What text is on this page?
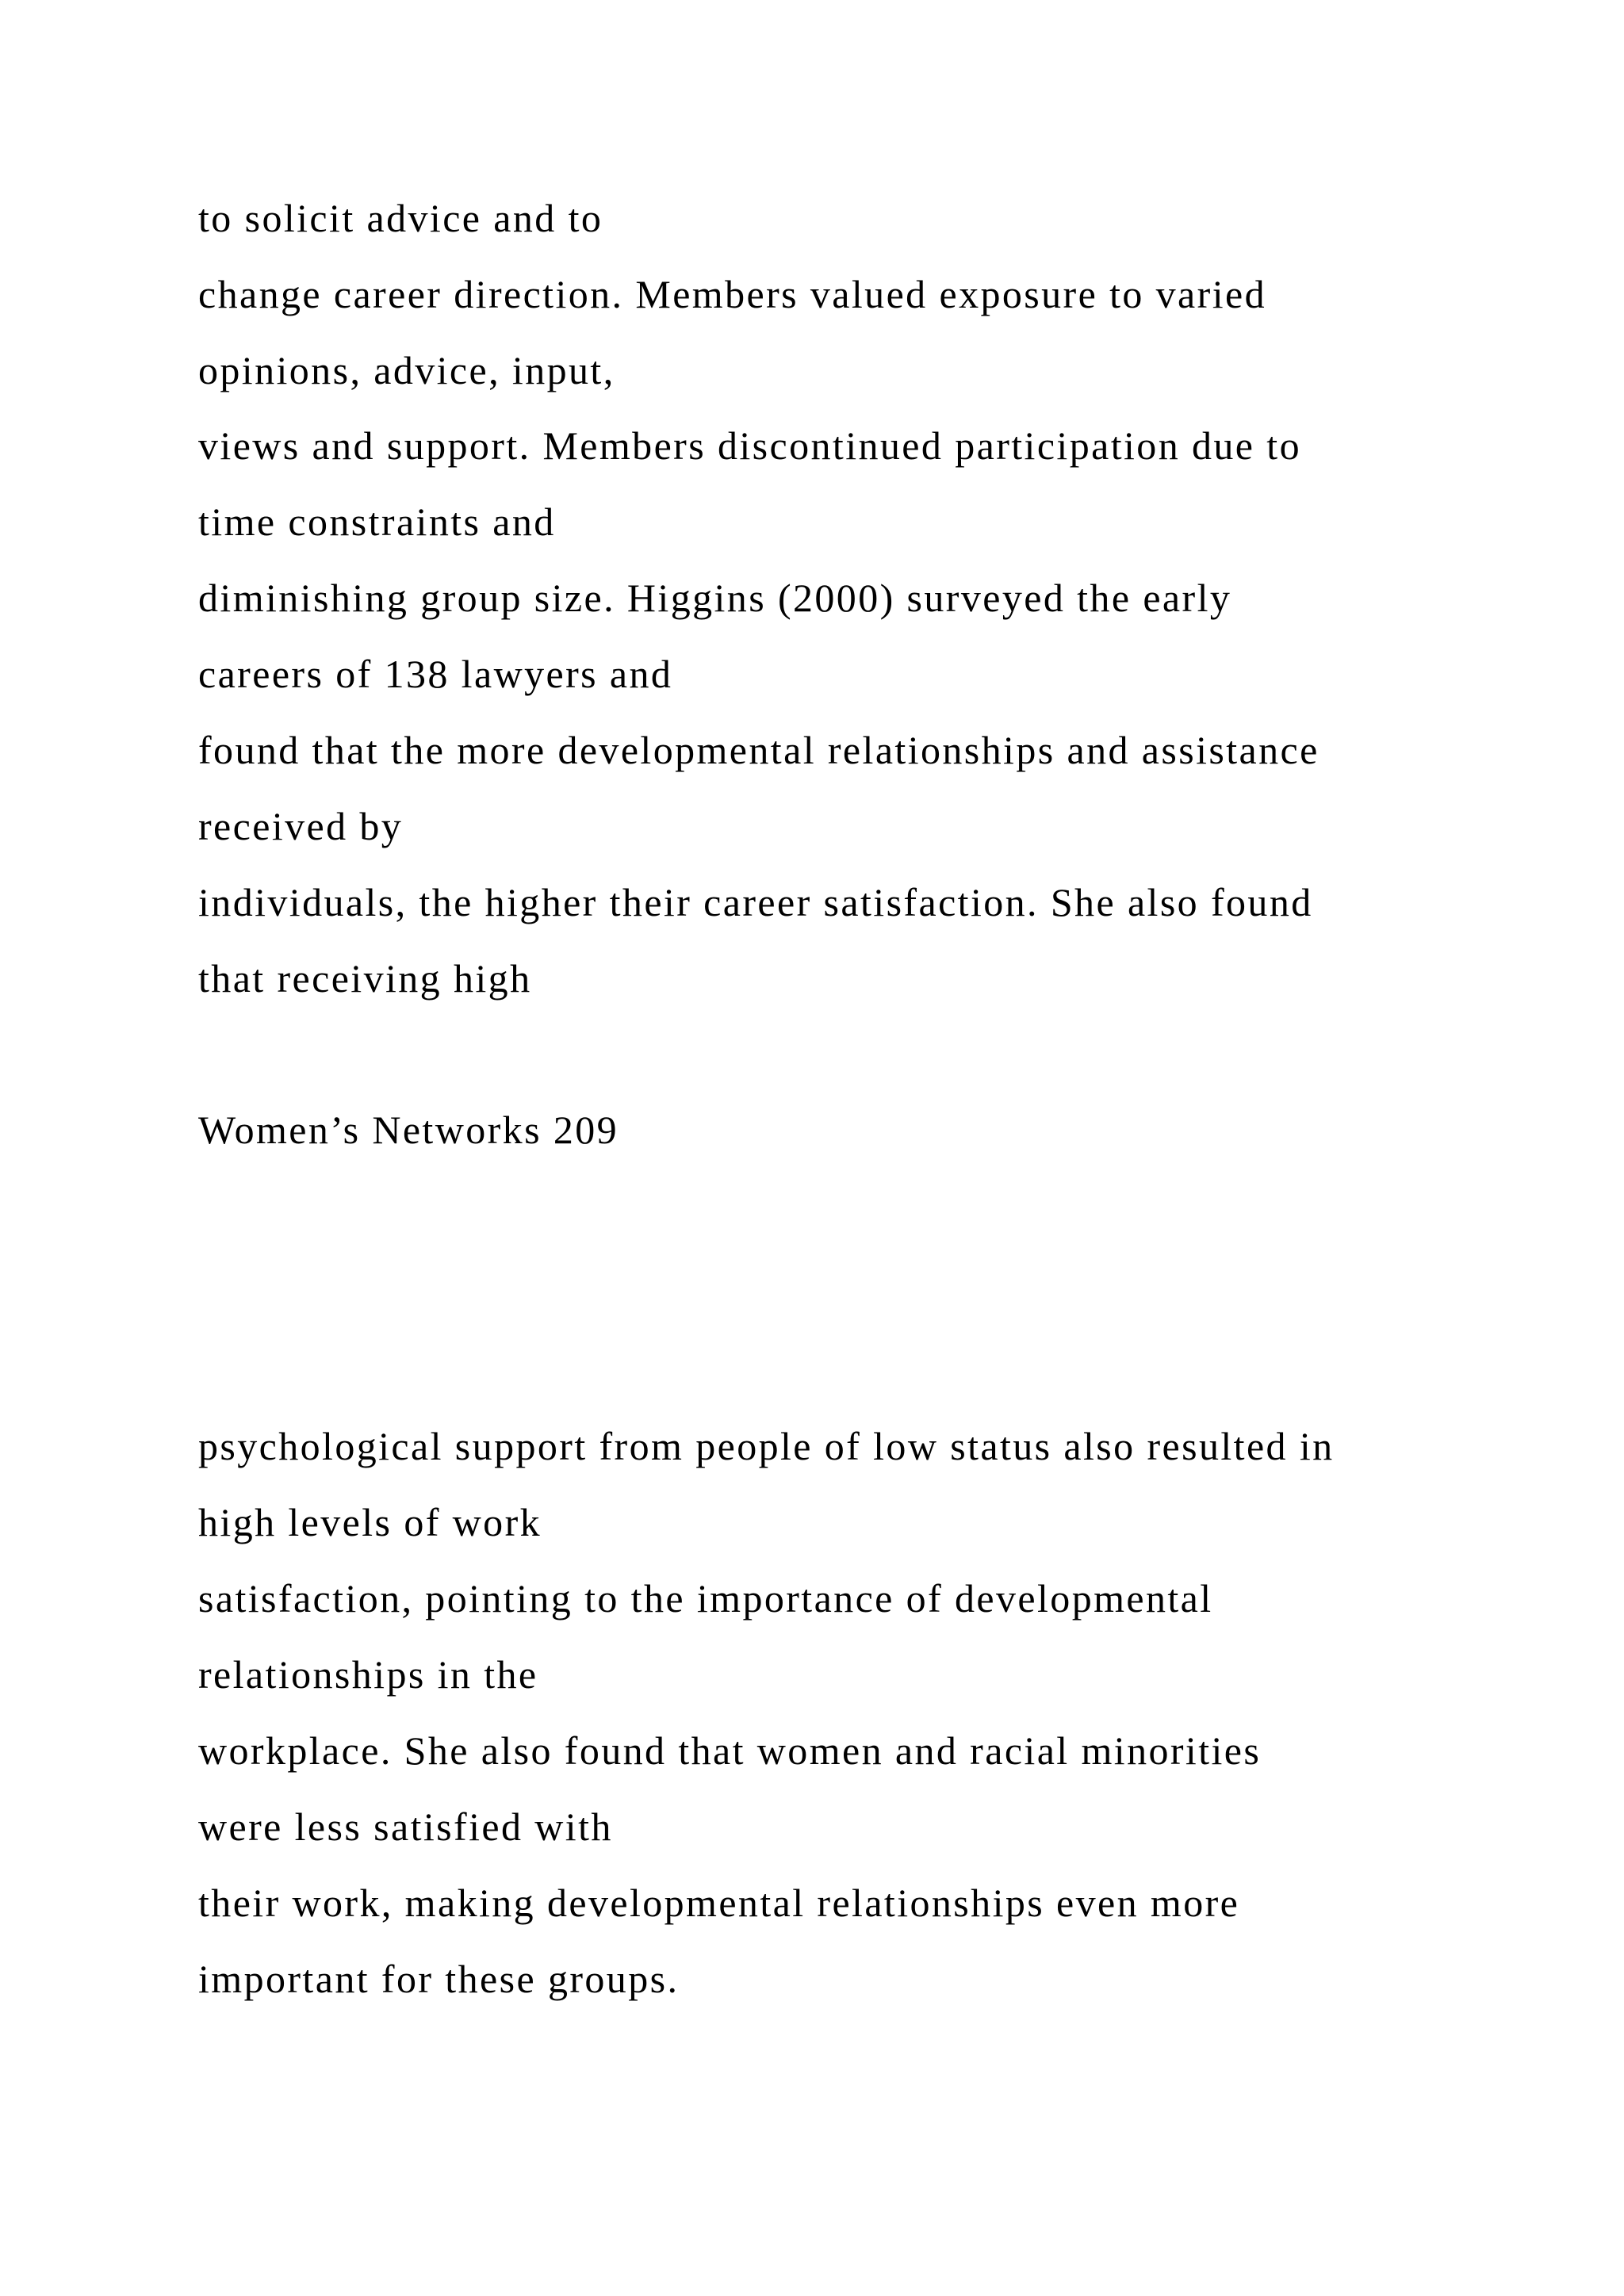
to solicit advice and to

change career direction. Members valued exposure to varied

opinions, advice, input,

views and support. Members discontinued participation due to

time constraints and

diminishing group size. Higgins (2000) surveyed the early

careers of 138 lawyers and

found that the more developmental relationships and assistance

received by

individuals, the higher their career satisfaction. She also found

that receiving high

Women’s Networks 209

psychological support from people of low status also resulted in

high levels of work

satisfaction, pointing to the importance of developmental

relationships in the

workplace. She also found that women and racial minorities

were less satisfied with

their work, making developmental relationships even more

important for these groups.
